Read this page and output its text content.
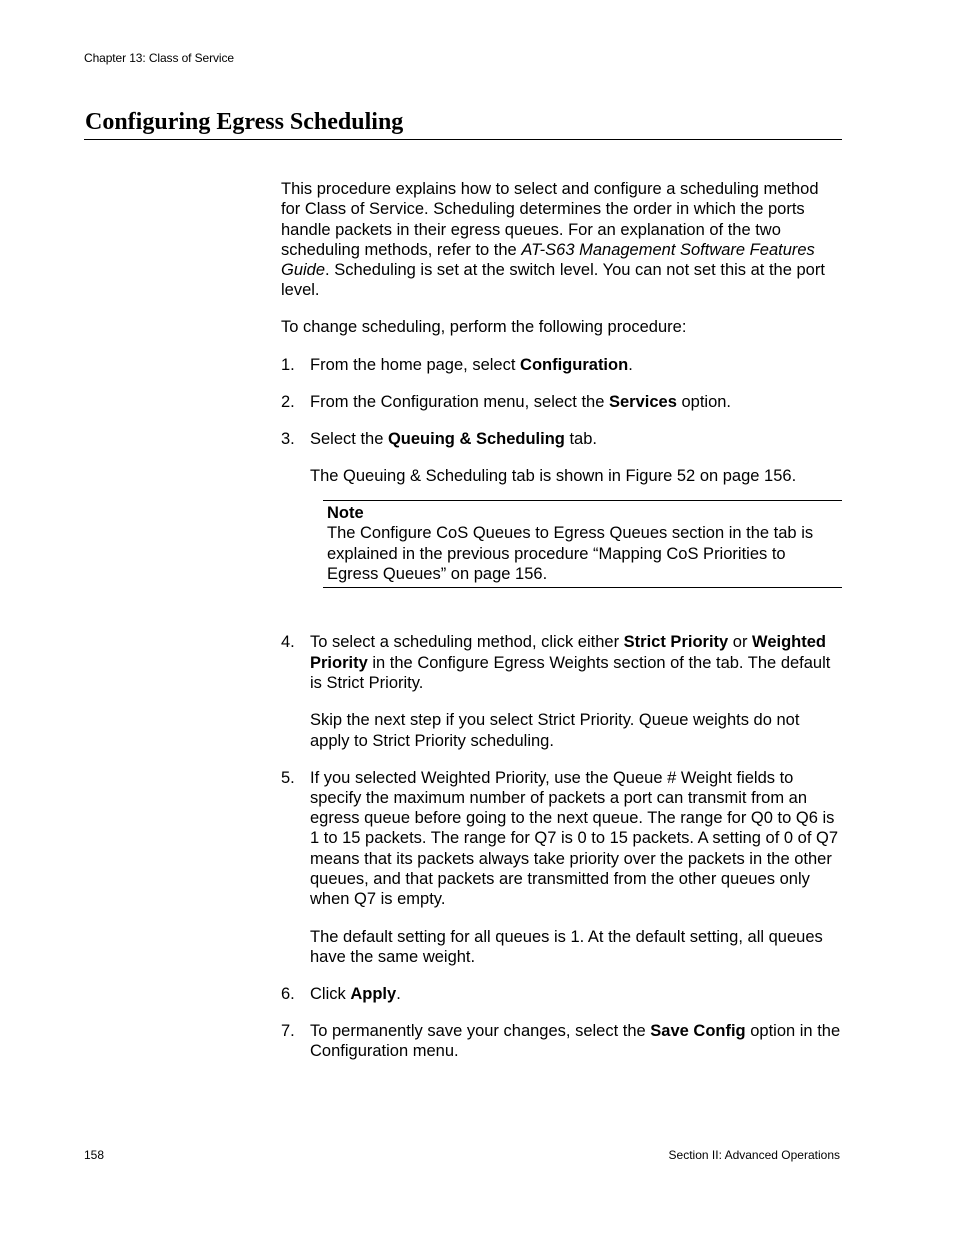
Chapter 13: Class of Service
Configuring Egress Scheduling

This procedure explains how to select and configure a scheduling method for Class of Service. Scheduling determines the order in which the ports handle packets in their egress queues. For an explanation of the two scheduling methods, refer to the AT-S63 Management Software Features Guide. Scheduling is set at the switch level. You can not set this at the port level.

To change scheduling, perform the following procedure:

1. From the home page, select Configuration.

2. From the Configuration menu, select the Services option.

3. Select the Queuing & Scheduling tab.

The Queuing & Scheduling tab is shown in Figure 52 on page 156.

Note
The Configure CoS Queues to Egress Queues section in the tab is explained in the previous procedure “Mapping CoS Priorities to Egress Queues” on page 156.
4. To select a scheduling method, click either Strict Priority or Weighted Priority in the Configure Egress Weights section of the tab. The default is Strict Priority.

Skip the next step if you select Strict Priority. Queue weights do not apply to Strict Priority scheduling.

5. If you selected Weighted Priority, use the Queue # Weight fields to specify the maximum number of packets a port can transmit from an egress queue before going to the next queue. The range for Q0 to Q6 is 1 to 15 packets. The range for Q7 is 0 to 15 packets. A setting of 0 of Q7 means that its packets always take priority over the packets in the other queues, and that packets are transmitted from the other queues only when Q7 is empty.

The default setting for all queues is 1. At the default setting, all queues have the same weight.

6. Click Apply.

7. To permanently save your changes, select the Save Config option in the Configuration menu.

158	Section II: Advanced Operations
